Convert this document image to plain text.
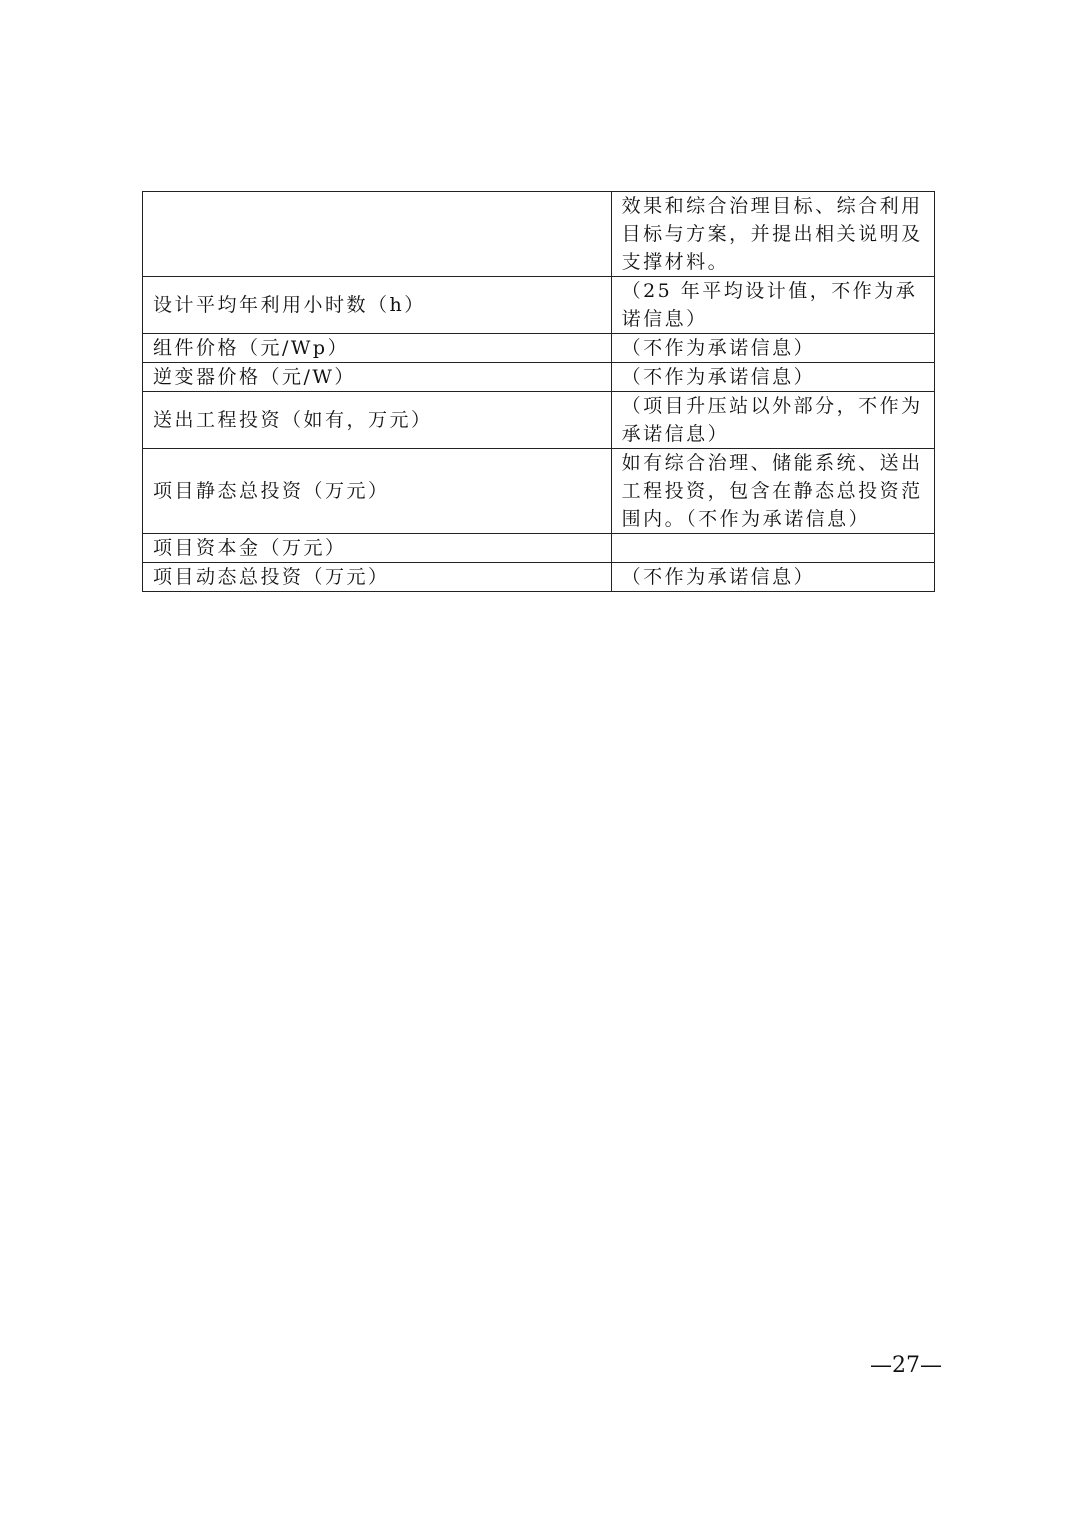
	效果和综合治理目标、综合利用目标与方案，并提出相关说明及支撑材料。
设计平均年利用小时数（h）	（25 年平均设计值，不作为承诺信息）
组件价格（元/Wp）	（不作为承诺信息）
逆变器价格（元/W）	（不作为承诺信息）
送出工程投资（如有，万元）	（项目升压站以外部分，不作为承诺信息）
项目静态总投资（万元）	如有综合治理、储能系统、送出工程投资，包含在静态总投资范围内。（不作为承诺信息）
项目资本金（万元）	
项目动态总投资（万元）	（不作为承诺信息）
—27—
